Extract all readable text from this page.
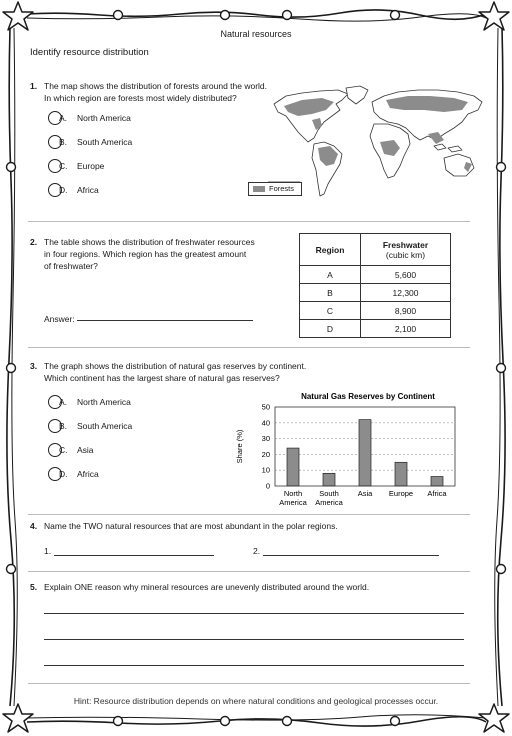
Natural resources
Identify resource distribution
1. The map shows the distribution of forests around the world.
In which region are forests most widely distributed?
A. North America
B. South America
C. Europe
D. Africa	Forests
2. The table shows the distribution of freshwater resources
in four regions. Which region has the greatest amount
of freshwater?
Answer:
Region	Freshwater
(cubic km)
A	5,600
B	12,300
C	8,900
D	2,100
3. The graph shows the distribution of natural gas reserves by continent.
Which continent has the largest share of natural gas reserves?
A. North America
B. South America
C. Asia
D. Africa
Natural Gas Reserves by Continent
0
10
20
30
40
50
North
America
South
America
Asia Europe Africa
Share (%)
4. Name the TWO natural resources that are most abundant in the polar regions.
1.	2.
5. Explain ONE reason why mineral resources are unevenly distributed around the world.
Hint: Resource distribution depends on where natural conditions and geological processes occur.
